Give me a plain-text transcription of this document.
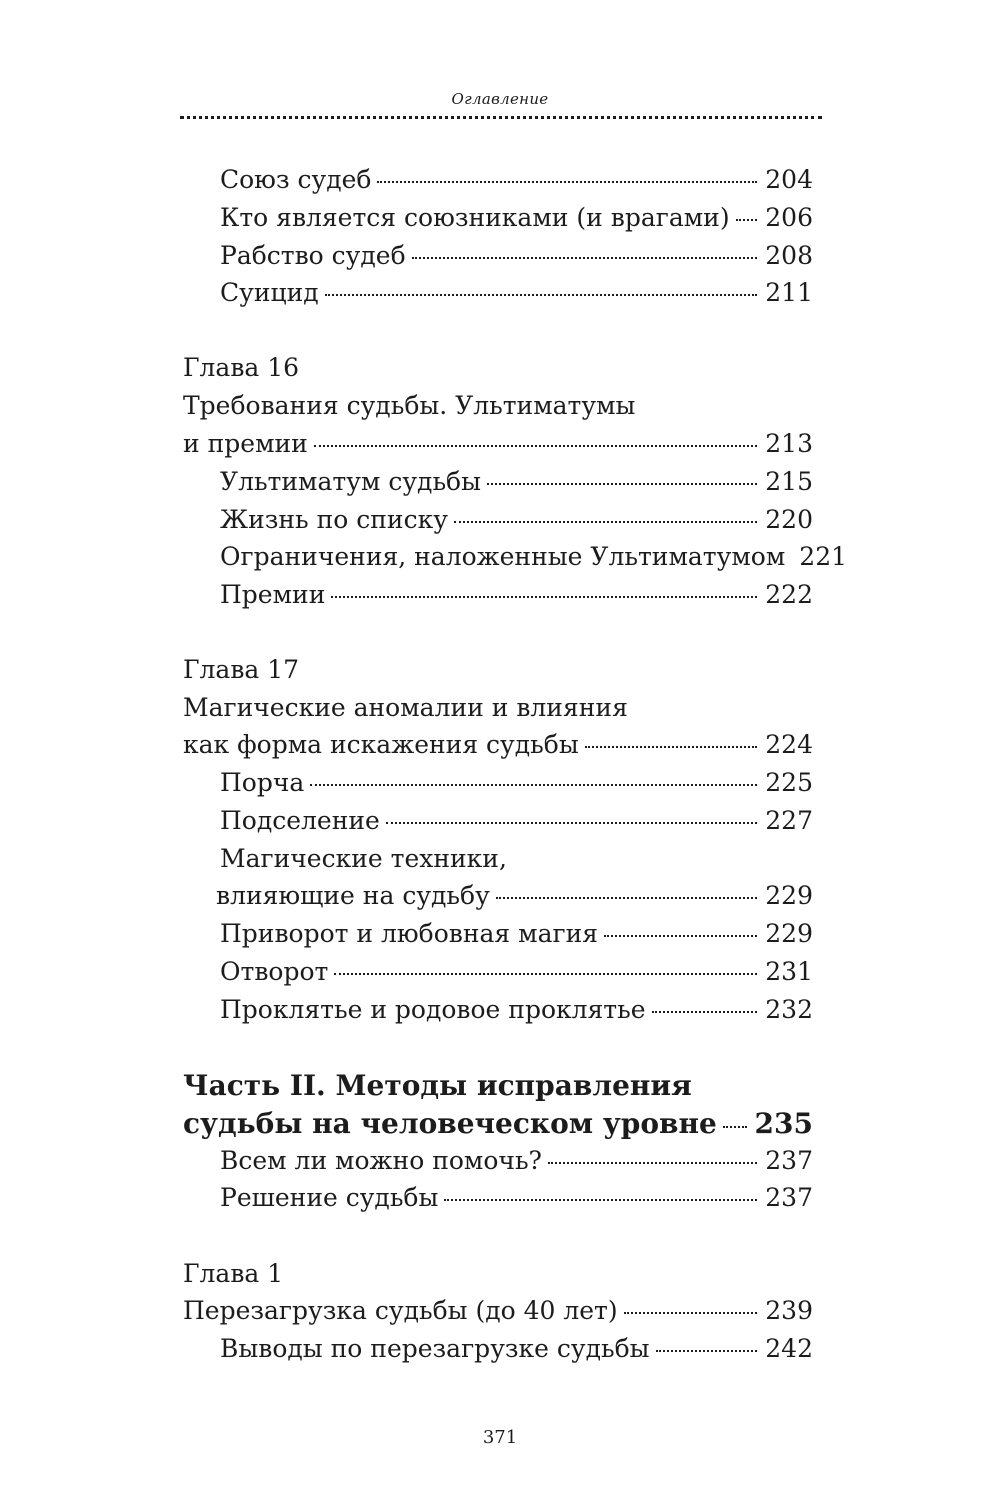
Оглавление
Союз судеб	204
Кто является союзниками (и врагами) 206
Рабство судеб	208
Суицид	211
Глава 16
Требования судьбы. Ультиматумы
и премии	213
Ультиматум судьбы	215
Жизнь по списку	220
Ограничения, наложенные Ультиматумом 221
Премии	222
Глава 17
Магические аномалии и влияния
как форма искажения судьбы	224
Порча	225
Подселение	227
Магические техники,
влияющие на судьбу	229
Приворот и любовная магия	229
Отворот	231
Проклятье и родовое проклятье	232
Часть II. Методы исправления
судьбы на человеческом уровне 235
Всем ли можно помочь?	237
Решение судьбы	237
Глава 1
Перезагрузка судьбы (до 40 лет)	239
Выводы по перезагрузке судьбы	242
371
